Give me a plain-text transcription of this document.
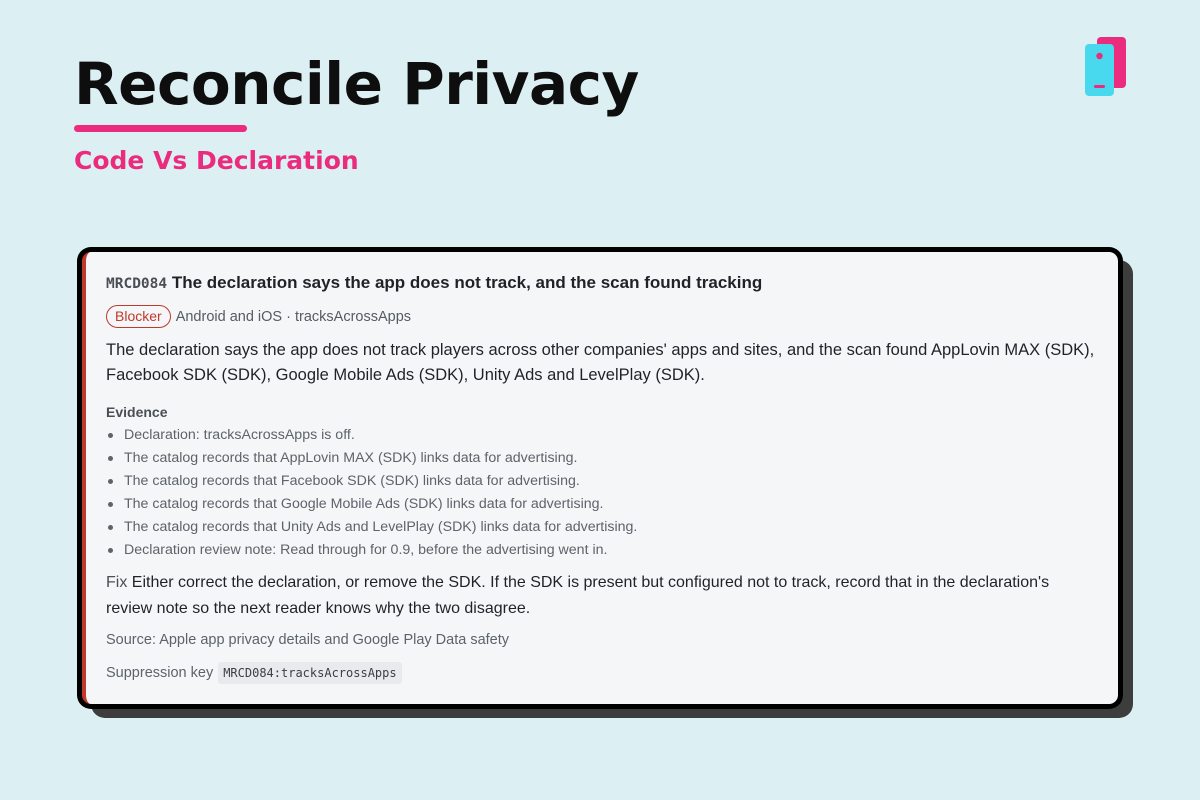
Reconcile Privacy
Code Vs Declaration
MRCD084 The declaration says the app does not track, and the scan found tracking
Blocker Android and iOS · tracksAcrossApps
The declaration says the app does not track players across other companies' apps and sites, and the scan found AppLovin MAX (SDK), Facebook SDK (SDK), Google Mobile Ads (SDK), Unity Ads and LevelPlay (SDK).
Evidence
Declaration: tracksAcrossApps is off.
The catalog records that AppLovin MAX (SDK) links data for advertising.
The catalog records that Facebook SDK (SDK) links data for advertising.
The catalog records that Google Mobile Ads (SDK) links data for advertising.
The catalog records that Unity Ads and LevelPlay (SDK) links data for advertising.
Declaration review note: Read through for 0.9, before the advertising went in.
Fix Either correct the declaration, or remove the SDK. If the SDK is present but configured not to track, record that in the declaration's review note so the next reader knows why the two disagree.
Source: Apple app privacy details and Google Play Data safety
Suppression key MRCD084:tracksAcrossApps
